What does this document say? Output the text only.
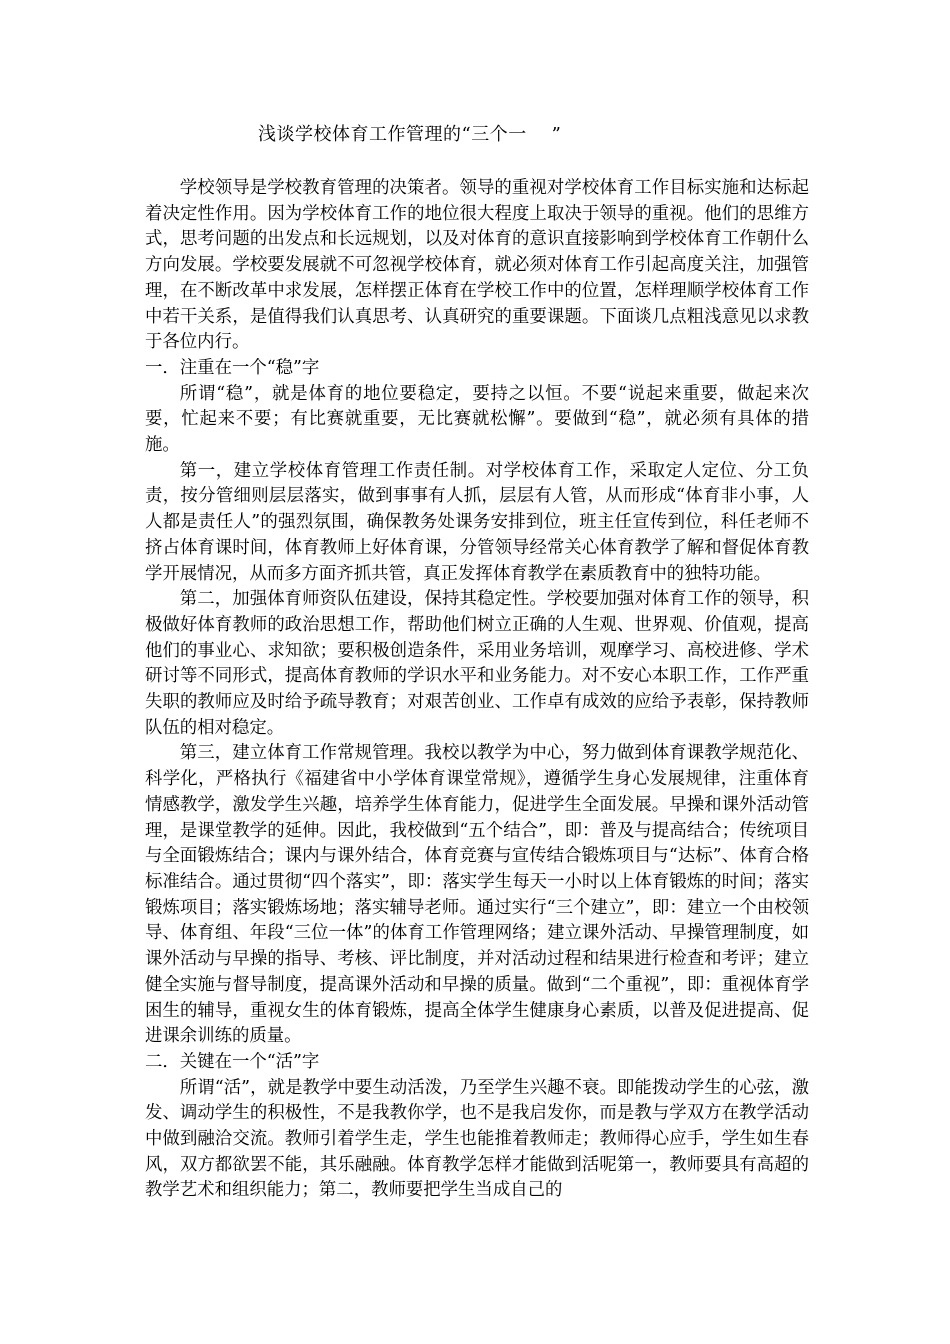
浅谈学校体育工作管理的“三个一    ”

学校领导是学校教育管理的决策者。领导的重视对学校体育工作目标实施和达标起着决定性作用。因为学校体育工作的地位很大程度上取决于领导的重视。他们的思维方式，思考问题的出发点和长远规划，以及对体育的意识直接影响到学校体育工作朝什么方向发展。学校要发展就不可忽视学校体育，就必须对体育工作引起高度关注，加强管理，在不断改革中求发展，怎样摆正体育在学校工作中的位置，怎样理顺学校体育工作中若干关系，是值得我们认真思考、认真研究的重要课题。下面谈几点粗浅意见以求教于各位内行。

一．注重在一个“稳”字

所谓“稳”，就是体育的地位要稳定，要持之以恒。不要“说起来重要，做起来次要，忙起来不要；有比赛就重要，无比赛就松懈”。要做到“稳”，就必须有具体的措施。

第一，建立学校体育管理工作责任制。对学校体育工作，采取定人定位、分工负责，按分管细则层层落实，做到事事有人抓，层层有人管，从而形成“体育非小事，人人都是责任人”的强烈氛围，确保教务处课务安排到位，班主任宣传到位，科任老师不挤占体育课时间，体育教师上好体育课，分管领导经常关心体育教学了解和督促体育教学开展情况，从而多方面齐抓共管，真正发挥体育教学在素质教育中的独特功能。

第二，加强体育师资队伍建设，保持其稳定性。学校要加强对体育工作的领导，积极做好体育教师的政治思想工作，帮助他们树立正确的人生观、世界观、价值观，提高他们的事业心、求知欲；要积极创造条件，采用业务培训，观摩学习、高校进修、学术研讨等不同形式，提高体育教师的学识水平和业务能力。对不安心本职工作，工作严重失职的教师应及时给予疏导教育；对艰苦创业、工作卓有成效的应给予表彰，保持教师队伍的相对稳定。

第三，建立体育工作常规管理。我校以教学为中心，努力做到体育课教学规范化、科学化，严格执行《福建省中小学体育课堂常规》，遵循学生身心发展规律，注重体育情感教学，激发学生兴趣，培养学生体育能力，促进学生全面发展。早操和课外活动管理，是课堂教学的延伸。因此，我校做到“五个结合”，即：普及与提高结合；传统项目与全面锻炼结合；课内与课外结合，体育竞赛与宣传结合锻炼项目与“达标”、体育合格标准结合。通过贯彻“四个落实”，即：落实学生每天一小时以上体育锻炼的时间；落实锻炼项目；落实锻炼场地；落实辅导老师。通过实行“三个建立”，即：建立一个由校领导、体育组、年段“三位一体”的体育工作管理网络；建立课外活动、早操管理制度，如课外活动与早操的指导、考核、评比制度，并对活动过程和结果进行检查和考评；建立健全实施与督导制度，提高课外活动和早操的质量。做到“二个重视”，即：重视体育学困生的辅导，重视女生的体育锻炼，提高全体学生健康身心素质，以普及促进提高、促进课余训练的质量。

二．关键在一个“活”字

所谓“活”，就是教学中要生动活泼，乃至学生兴趣不衰。即能拨动学生的心弦，激发、调动学生的积极性，不是我教你学，也不是我启发你，而是教与学双方在教学活动中做到融洽交流。教师引着学生走，学生也能推着教师走；教师得心应手，学生如生春风，双方都欲罢不能，其乐融融。体育教学怎样才能做到活呢第一，教师要具有高超的教学艺术和组织能力；第二，教师要把学生当成自己的
